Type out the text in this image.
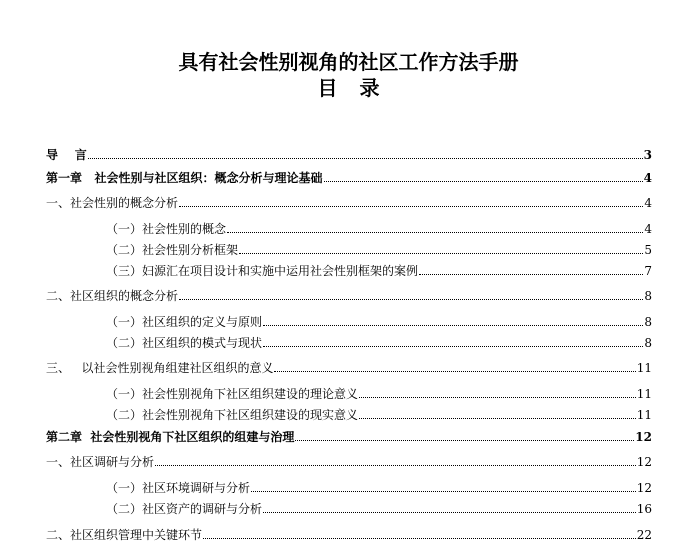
具有社会性别视角的社区工作方法手册
目录
导    言	3
第一章   社会性别与社区组织：概念分析与理论基础	4
一、社会性别的概念分析	4
（一）社会性别的概念	4
（二）社会性别分析框架	5
（三）妇源汇在项目设计和实施中运用社会性别框架的案例	7
二、社区组织的概念分析	8
（一）社区组织的定义与原则	8
（二）社区组织的模式与现状	8
三、   以社会性别视角组建社区组织的意义	11
（一）社会性别视角下社区组织建设的理论意义	11
（二）社会性别视角下社区组织建设的现实意义	11
第二章  社会性别视角下社区组织的组建与治理	12
一、社区调研与分析	12
（一）社区环境调研与分析	12
（二）社区资产的调研与分析	16
二、社区组织管理中关键环节	22
